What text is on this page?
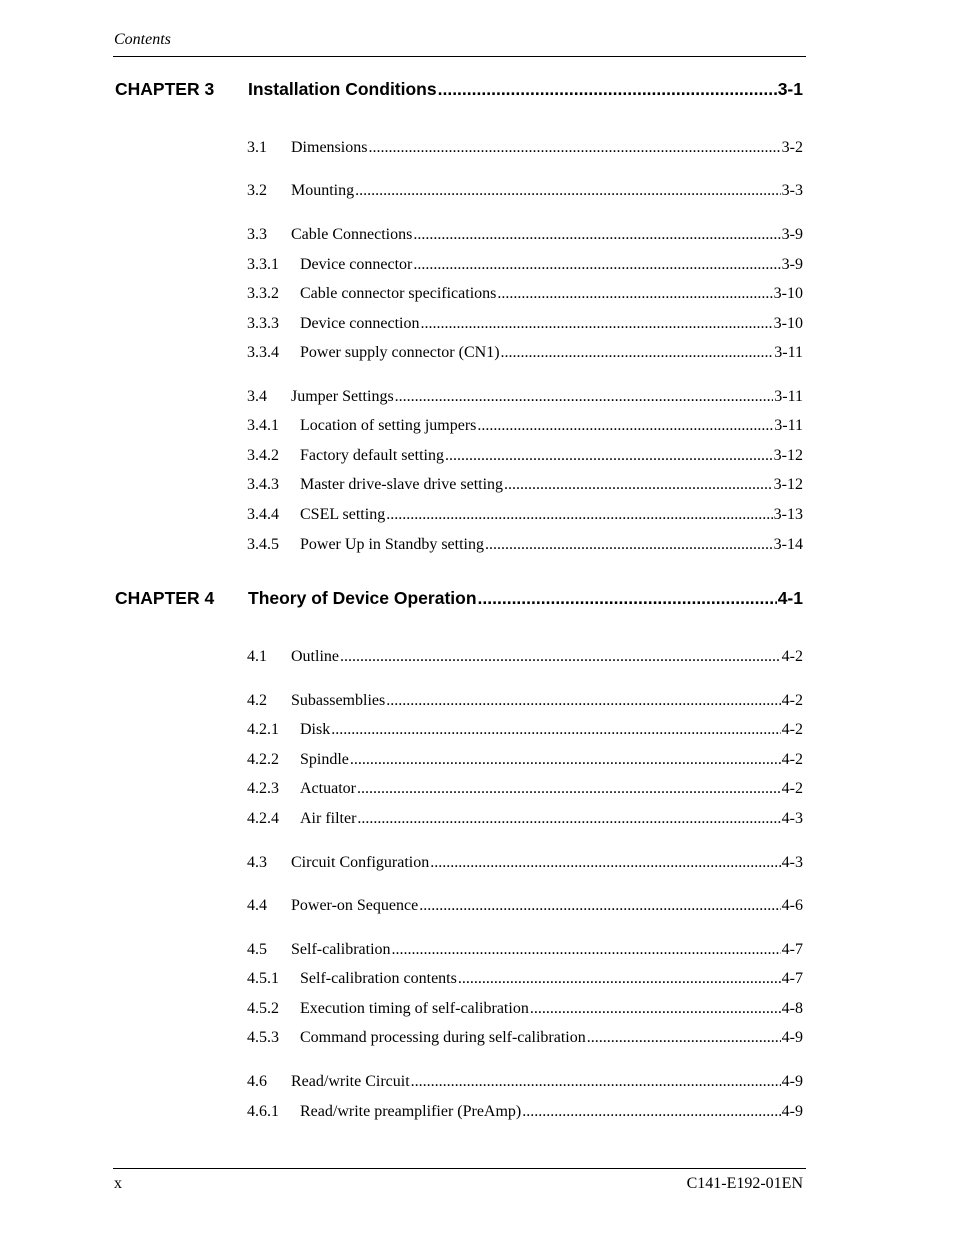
Contents
CHAPTER 3	Installation Conditions .....	3-1
3.1	Dimensions .....	3-2
3.2	Mounting .....	3-3
3.3	Cable Connections .....	3-9
3.3.1	Device connector .....	3-9
3.3.2	Cable connector specifications .....	3-10
3.3.3	Device connection .....	3-10
3.3.4	Power supply connector (CN1) .....	3-11
3.4	Jumper Settings .....	3-11
3.4.1	Location of setting jumpers .....	3-11
3.4.2	Factory default setting .....	3-12
3.4.3	Master drive-slave drive setting .....	3-12
3.4.4	CSEL setting .....	3-13
3.4.5	Power Up in Standby setting .....	3-14
CHAPTER 4	Theory of Device Operation .....	4-1
4.1	Outline .....	4-2
4.2	Subassemblies .....	4-2
4.2.1	Disk .....	4-2
4.2.2	Spindle .....	4-2
4.2.3	Actuator .....	4-2
4.2.4	Air filter .....	4-3
4.3	Circuit Configuration .....	4-3
4.4	Power-on Sequence .....	4-6
4.5	Self-calibration .....	4-7
4.5.1	Self-calibration contents .....	4-7
4.5.2	Execution timing of self-calibration .....	4-8
4.5.3	Command processing during self-calibration .....	4-9
4.6	Read/write Circuit .....	4-9
4.6.1	Read/write preamplifier (PreAmp) .....	4-9
x	C141-E192-01EN
